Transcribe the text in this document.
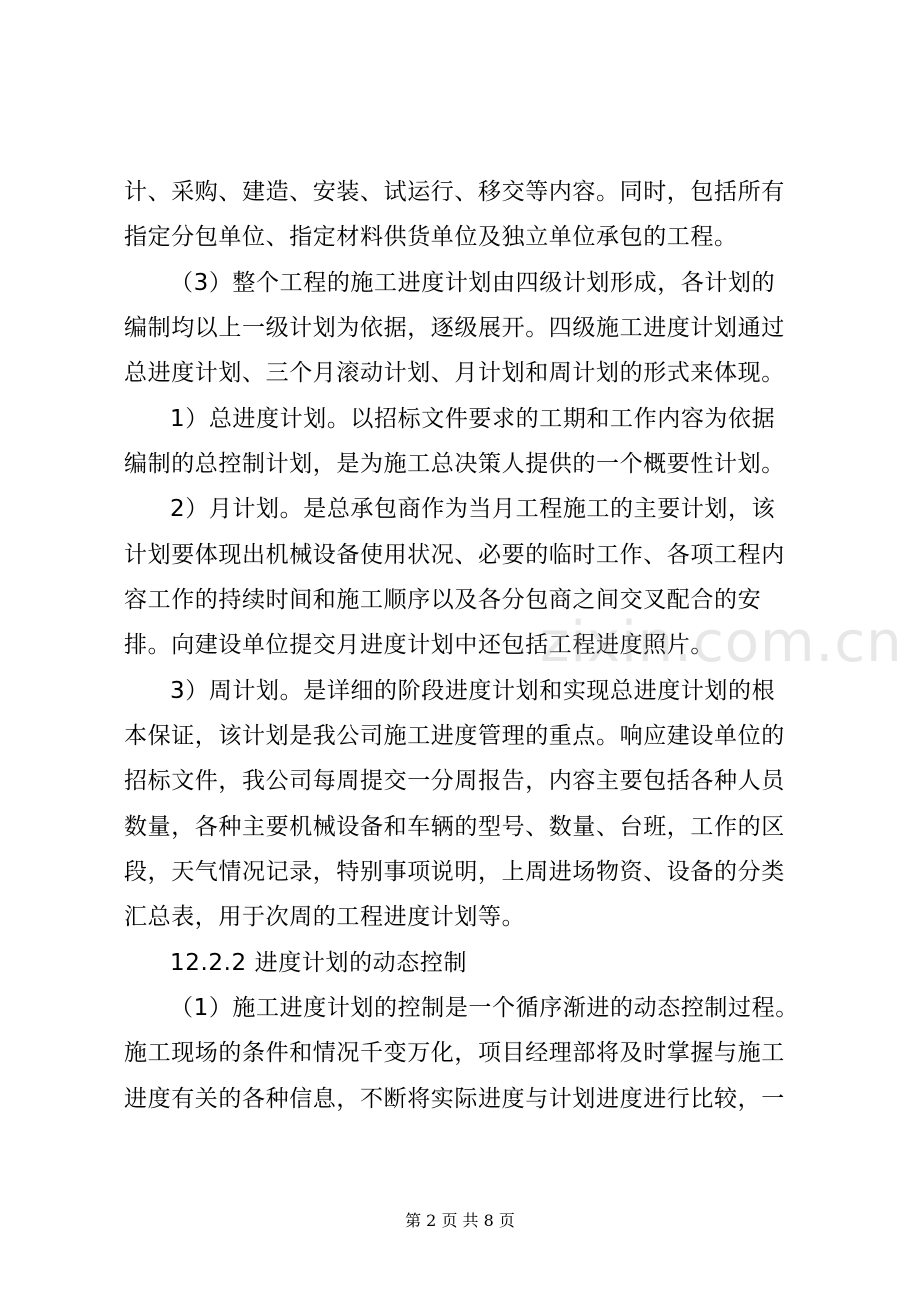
计、采购、建造、安装、试运行、移交等内容。同时，包括所有
指定分包单位、指定材料供货单位及独立单位承包的工程。
（3）整个工程的施工进度计划由四级计划形成，各计划的
编制均以上一级计划为依据，逐级展开。四级施工进度计划通过
总进度计划、三个月滚动计划、月计划和周计划的形式来体现。
1）总进度计划。以招标文件要求的工期和工作内容为依据
编制的总控制计划，是为施工总决策人提供的一个概要性计划。
2）月计划。是总承包商作为当月工程施工的主要计划，该
计划要体现出机械设备使用状况、必要的临时工作、各项工程内
容工作的持续时间和施工顺序以及各分包商之间交叉配合的安
排。向建设单位提交月进度计划中还包括工程进度照片。
3）周计划。是详细的阶段进度计划和实现总进度计划的根
本保证，该计划是我公司施工进度管理的重点。响应建设单位的
招标文件，我公司每周提交一分周报告，内容主要包括各种人员
数量，各种主要机械设备和车辆的型号、数量、台班，工作的区
段，天气情况记录，特别事项说明，上周进场物资、设备的分类
汇总表，用于次周的工程进度计划等。
12.2.2 进度计划的动态控制
（1）施工进度计划的控制是一个循序渐进的动态控制过程。
施工现场的条件和情况千变万化，项目经理部将及时掌握与施工
进度有关的各种信息，不断将实际进度与计划进度进行比较，一
zixin.com.cn
第 2 页 共 8 页
